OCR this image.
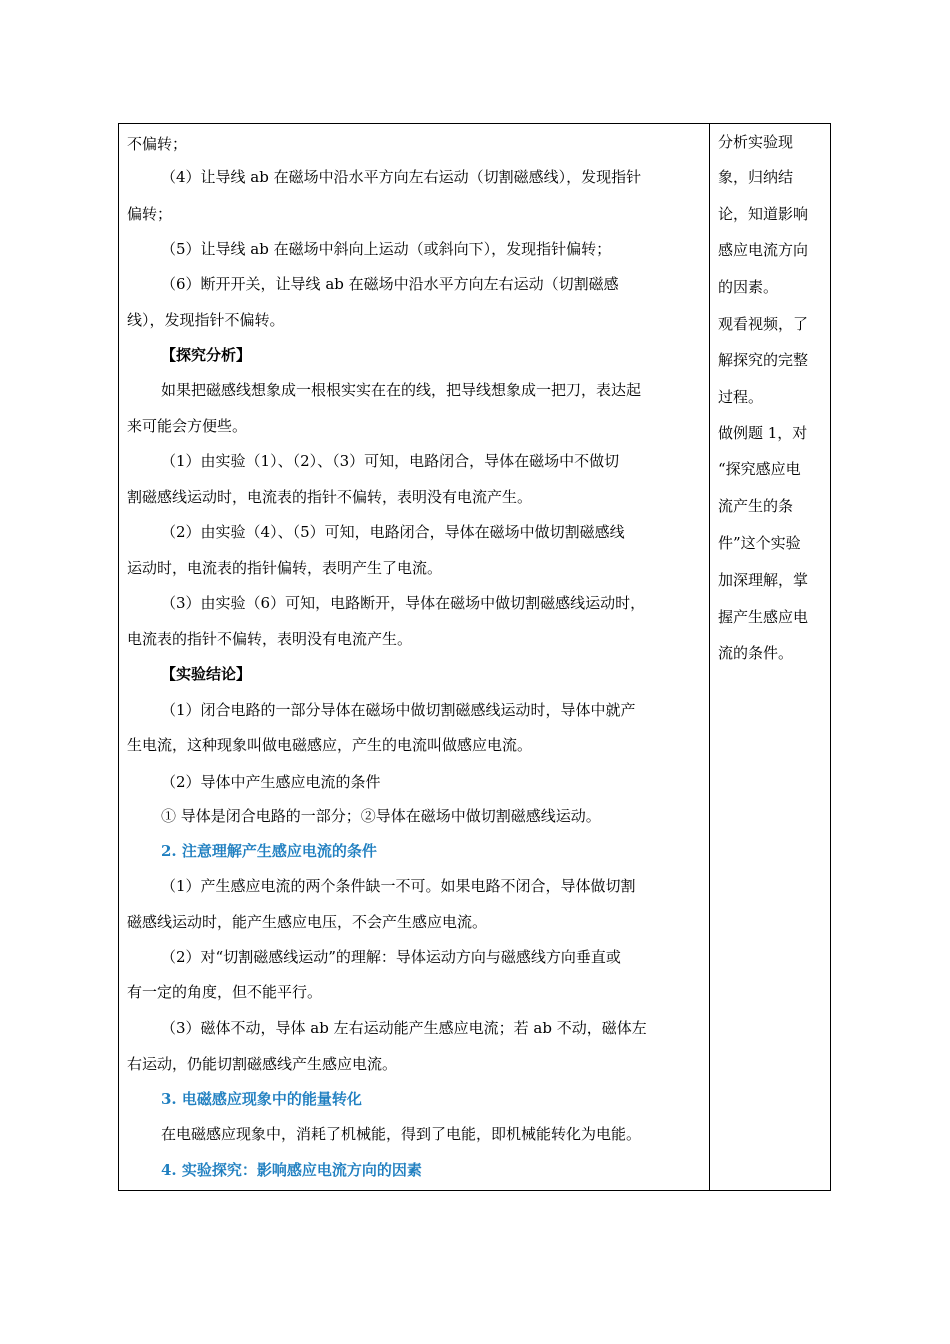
不偏转；
（4）让导线 ab 在磁场中沿水平方向左右运动（切割磁感线），发现指针
偏转；
（5）让导线 ab 在磁场中斜向上运动（或斜向下），发现指针偏转；
（6）断开开关，让导线 ab 在磁场中沿水平方向左右运动（切割磁感
线），发现指针不偏转。
【探究分析】
如果把磁感线想象成一根根实实在在的线，把导线想象成一把刀，表达起
来可能会方便些。
（1）由实验（1）、（2）、（3）可知，电路闭合，导体在磁场中不做切
割磁感线运动时，电流表的指针不偏转，表明没有电流产生。
（2）由实验（4）、（5）可知，电路闭合，导体在磁场中做切割磁感线
运动时，电流表的指针偏转，表明产生了电流。
（3）由实验（6）可知，电路断开，导体在磁场中做切割磁感线运动时，
电流表的指针不偏转，表明没有电流产生。
【实验结论】
（1）闭合电路的一部分导体在磁场中做切割磁感线运动时，导体中就产
生电流，这种现象叫做电磁感应，产生的电流叫做感应电流。
（2）导体中产生感应电流的条件
① 导体是闭合电路的一部分；②导体在磁场中做切割磁感线运动。
2. 注意理解产生感应电流的条件
（1）产生感应电流的两个条件缺一不可。如果电路不闭合，导体做切割
磁感线运动时，能产生感应电压，不会产生感应电流。
（2）对“切割磁感线运动”的理解：导体运动方向与磁感线方向垂直或
有一定的角度，但不能平行。
（3）磁体不动，导体 ab 左右运动能产生感应电流；若 ab 不动，磁体左
右运动，仍能切割磁感线产生感应电流。
3. 电磁感应现象中的能量转化
在电磁感应现象中，消耗了机械能，得到了电能，即机械能转化为电能。
4. 实验探究：影响感应电流方向的因素
分析实验现
象，归纳结
论，知道影响
感应电流方向
的因素。
观看视频，了
解探究的完整
过程。
做例题 1，对
“探究感应电
流产生的条
件”这个实验
加深理解，掌
握产生感应电
流的条件。
